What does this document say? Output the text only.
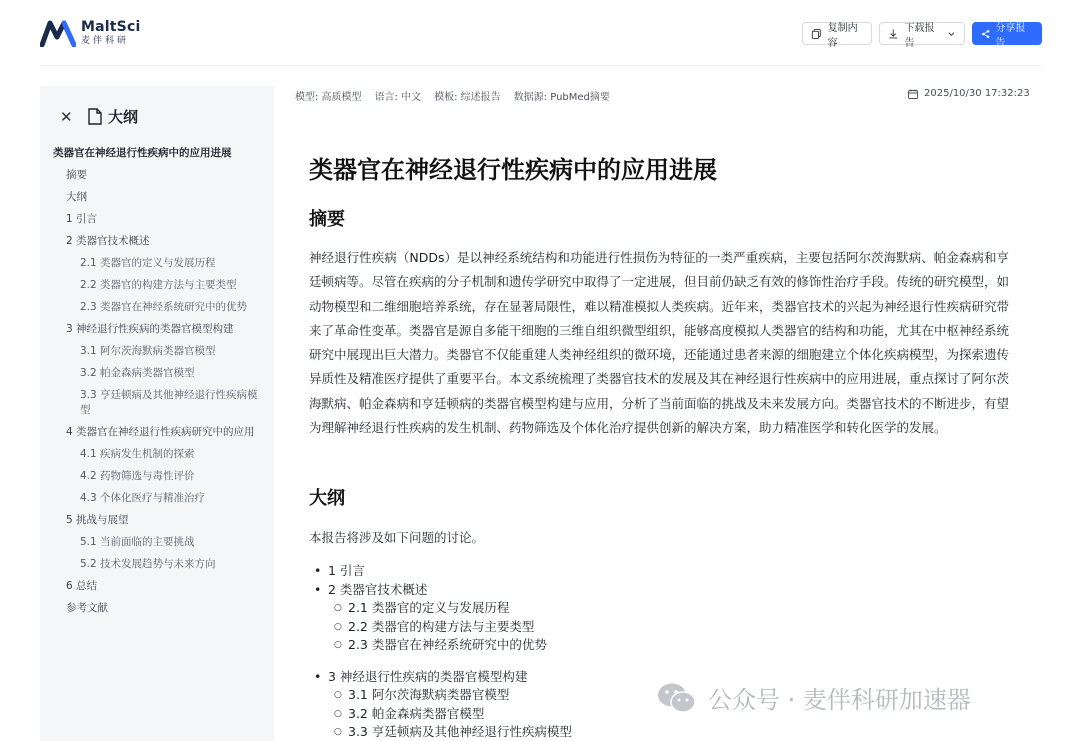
MaltSci
麦伴科研
复制内容
下载报告
分享报告
✕ 大纲
类器官在神经退行性疾病中的应用进展
摘要
大纲
1 引言
2 类器官技术概述
2.1 类器官的定义与发展历程
2.2 类器官的构建方法与主要类型
2.3 类器官在神经系统研究中的优势
3 神经退行性疾病的类器官模型构建
3.1 阿尔茨海默病类器官模型
3.2 帕金森病类器官模型
3.3 亨廷顿病及其他神经退行性疾病模型
4 类器官在神经退行性疾病研究中的应用
4.1 疾病发生机制的探索
4.2 药物筛选与毒性评价
4.3 个体化医疗与精准治疗
5 挑战与展望
5.1 当前面临的主要挑战
5.2 技术发展趋势与未来方向
6 总结
参考文献
模型: 高质模型 语言: 中文 模板: 综述报告 数据源: PubMed摘要	2025/10/30 17:32:23
类器官在神经退行性疾病中的应用进展
摘要

神经退行性疾病（NDDs）是以神经系统结构和功能进行性损伤为特征的一类严重疾病，主要包括阿尔茨海默病、帕金森病和亨廷顿病等。尽管在疾病的分子机制和遗传学研究中取得了一定进展，但目前仍缺乏有效的修饰性治疗手段。传统的研究模型，如动物模型和二维细胞培养系统，存在显著局限性，难以精准模拟人类疾病。近年来，类器官技术的兴起为神经退行性疾病研究带来了革命性变革。类器官是源自多能干细胞的三维自组织微型组织，能够高度模拟人类器官的结构和功能，尤其在中枢神经系统研究中展现出巨大潜力。类器官不仅能重建人类神经组织的微环境，还能通过患者来源的细胞建立个体化疾病模型，为探索遗传异质性及精准医疗提供了重要平台。本文系统梳理了类器官技术的发展及其在神经退行性疾病中的应用进展，重点探讨了阿尔茨海默病、帕金森病和亨廷顿病的类器官模型构建与应用，分析了当前面临的挑战及未来发展方向。类器官技术的不断进步，有望为理解神经退行性疾病的发生机制、药物筛选及个体化治疗提供创新的解决方案，助力精准医学和转化医学的发展。

大纲

本报告将涉及如下问题的讨论。

• 1 引言
• 2 类器官技术概述
○ 2.1 类器官的定义与发展历程
○ 2.2 类器官的构建方法与主要类型
○ 2.3 类器官在神经系统研究中的优势
• 3 神经退行性疾病的类器官模型构建
○ 3.1 阿尔茨海默病类器官模型
○ 3.2 帕金森病类器官模型
○ 3.3 亨廷顿病及其他神经退行性疾病模型
公众号 · 麦伴科研加速器
